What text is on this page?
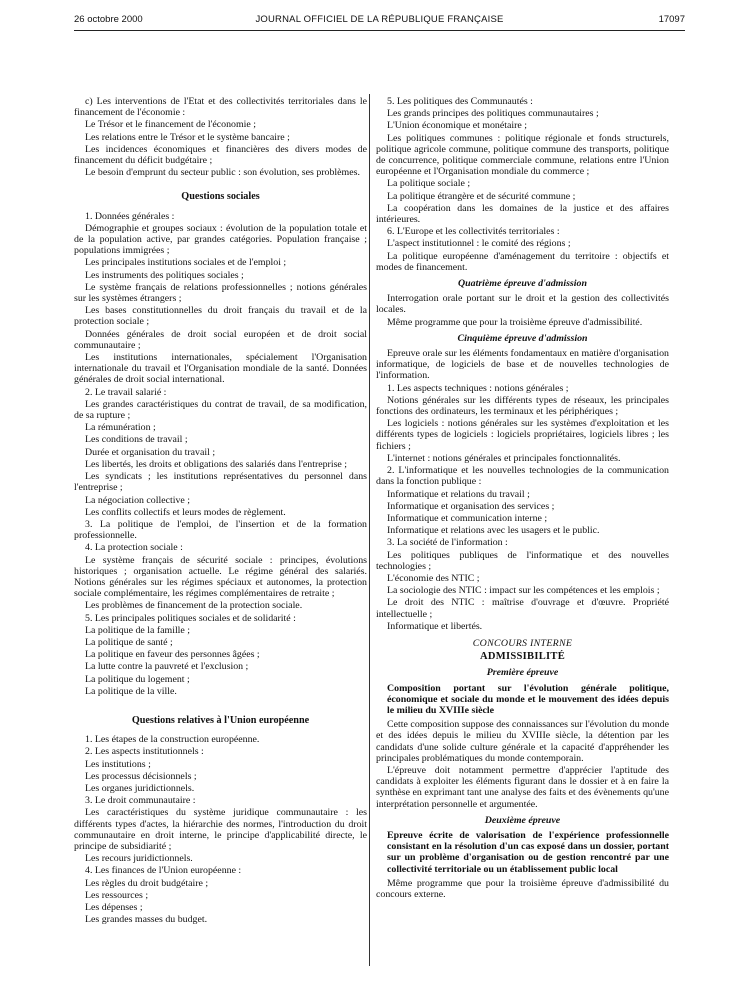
26 octobre 2000	JOURNAL OFFICIEL DE LA RÉPUBLIQUE FRANÇAISE	17097

c) Les interventions de l'Etat et des collectivités territoriales dans le financement de l'économie :

Le Trésor et le financement de l'économie ;

Les relations entre le Trésor et le système bancaire ;

Les incidences économiques et financières des divers modes de financement du déficit budgétaire ;

Le besoin d'emprunt du secteur public : son évolution, ses problèmes.

Questions sociales

1. Données générales :

Démographie et groupes sociaux : évolution de la population totale et de la population active, par grandes catégories. Population française ; populations immigrées ;

Les principales institutions sociales et de l'emploi ;

Les instruments des politiques sociales ;

Le système français de relations professionnelles ; notions générales sur les systèmes étrangers ;

Les bases constitutionnelles du droit français du travail et de la protection sociale ;

Données générales de droit social européen et de droit social communautaire ;

Les institutions internationales, spécialement l'Organisation internationale du travail et l'Organisation mondiale de la santé. Données générales de droit social international.

2. Le travail salarié :

Les grandes caractéristiques du contrat de travail, de sa modification, de sa rupture ;

La rémunération ;

Les conditions de travail ;

Durée et organisation du travail ;

Les libertés, les droits et obligations des salariés dans l'entreprise ;

Les syndicats ; les institutions représentatives du personnel dans l'entreprise ;

La négociation collective ;

Les conflits collectifs et leurs modes de règlement.

3. La politique de l'emploi, de l'insertion et de la formation professionnelle.

4. La protection sociale :

Le système français de sécurité sociale : principes, évolutions historiques ; organisation actuelle. Le régime général des salariés. Notions générales sur les régimes spéciaux et autonomes, la protection sociale complémentaire, les régimes complémentaires de retraite ;

Les problèmes de financement de la protection sociale.

5. Les principales politiques sociales et de solidarité :

La politique de la famille ;

La politique de santé ;

La politique en faveur des personnes âgées ;

La lutte contre la pauvreté et l'exclusion ;

La politique du logement ;

La politique de la ville.

Questions relatives à l'Union européenne

1. Les étapes de la construction européenne.

2. Les aspects institutionnels :

Les institutions ;

Les processus décisionnels ;

Les organes juridictionnels.

3. Le droit communautaire :

Les caractéristiques du système juridique communautaire : les différents types d'actes, la hiérarchie des normes, l'introduction du droit communautaire en droit interne, le principe d'applicabilité directe, le principe de subsidiarité ;

Les recours juridictionnels.

4. Les finances de l'Union européenne :

Les règles du droit budgétaire ;

Les ressources ;

Les dépenses ;

Les grandes masses du budget.

5. Les politiques des Communautés :

Les grands principes des politiques communautaires ;

L'Union économique et monétaire ;

Les politiques communes : politique régionale et fonds structurels, politique agricole commune, politique commune des transports, politique de concurrence, politique commerciale commune, relations entre l'Union européenne et l'Organisation mondiale du commerce ;

La politique sociale ;

La politique étrangère et de sécurité commune ;

La coopération dans les domaines de la justice et des affaires intérieures.

6. L'Europe et les collectivités territoriales :

L'aspect institutionnel : le comité des régions ;

La politique européenne d'aménagement du territoire : objectifs et modes de financement.

Quatrième épreuve d'admission

Interrogation orale portant sur le droit et la gestion des collectivités locales.

Même programme que pour la troisième épreuve d'admissibilité.

Cinquième épreuve d'admission

Epreuve orale sur les éléments fondamentaux en matière d'organisation informatique, de logiciels de base et de nouvelles technologies de l'information.

1. Les aspects techniques : notions générales ;

Notions générales sur les différents types de réseaux, les principales fonctions des ordinateurs, les terminaux et les périphériques ;

Les logiciels : notions générales sur les systèmes d'exploitation et les différents types de logiciels : logiciels propriétaires, logiciels libres ; les fichiers ;

L'internet : notions générales et principales fonctionnalités.

2. L'informatique et les nouvelles technologies de la communication dans la fonction publique :

Informatique et relations du travail ;

Informatique et organisation des services ;

Informatique et communication interne ;

Informatique et relations avec les usagers et le public.

3. La société de l'information :

Les politiques publiques de l'informatique et des nouvelles technologies ;

L'économie des NTIC ;

La sociologie des NTIC : impact sur les compétences et les emplois ;

Le droit des NTIC : maîtrise d'ouvrage et d'œuvre. Propriété intellectuelle ;

Informatique et libertés.

CONCOURS INTERNE

ADMISSIBILITÉ

Première épreuve

Composition portant sur l'évolution générale politique, économique et sociale du monde et le mouvement des idées depuis le milieu du XVIIIe siècle

Cette composition suppose des connaissances sur l'évolution du monde et des idées depuis le milieu du XVIIIe siècle, la détention par les candidats d'une solide culture générale et la capacité d'appréhender les principales problématiques du monde contemporain.

L'épreuve doit notamment permettre d'apprécier l'aptitude des candidats à exploiter les éléments figurant dans le dossier et à en faire la synthèse en exprimant tant une analyse des faits et des évènements qu'une interprétation personnelle et argumentée.

Deuxième épreuve

Epreuve écrite de valorisation de l'expérience professionnelle consistant en la résolution d'un cas exposé dans un dossier, portant sur un problème d'organisation ou de gestion rencontré par une collectivité territoriale ou un établissement public local

Même programme que pour la troisième épreuve d'admissibilité du concours externe.
